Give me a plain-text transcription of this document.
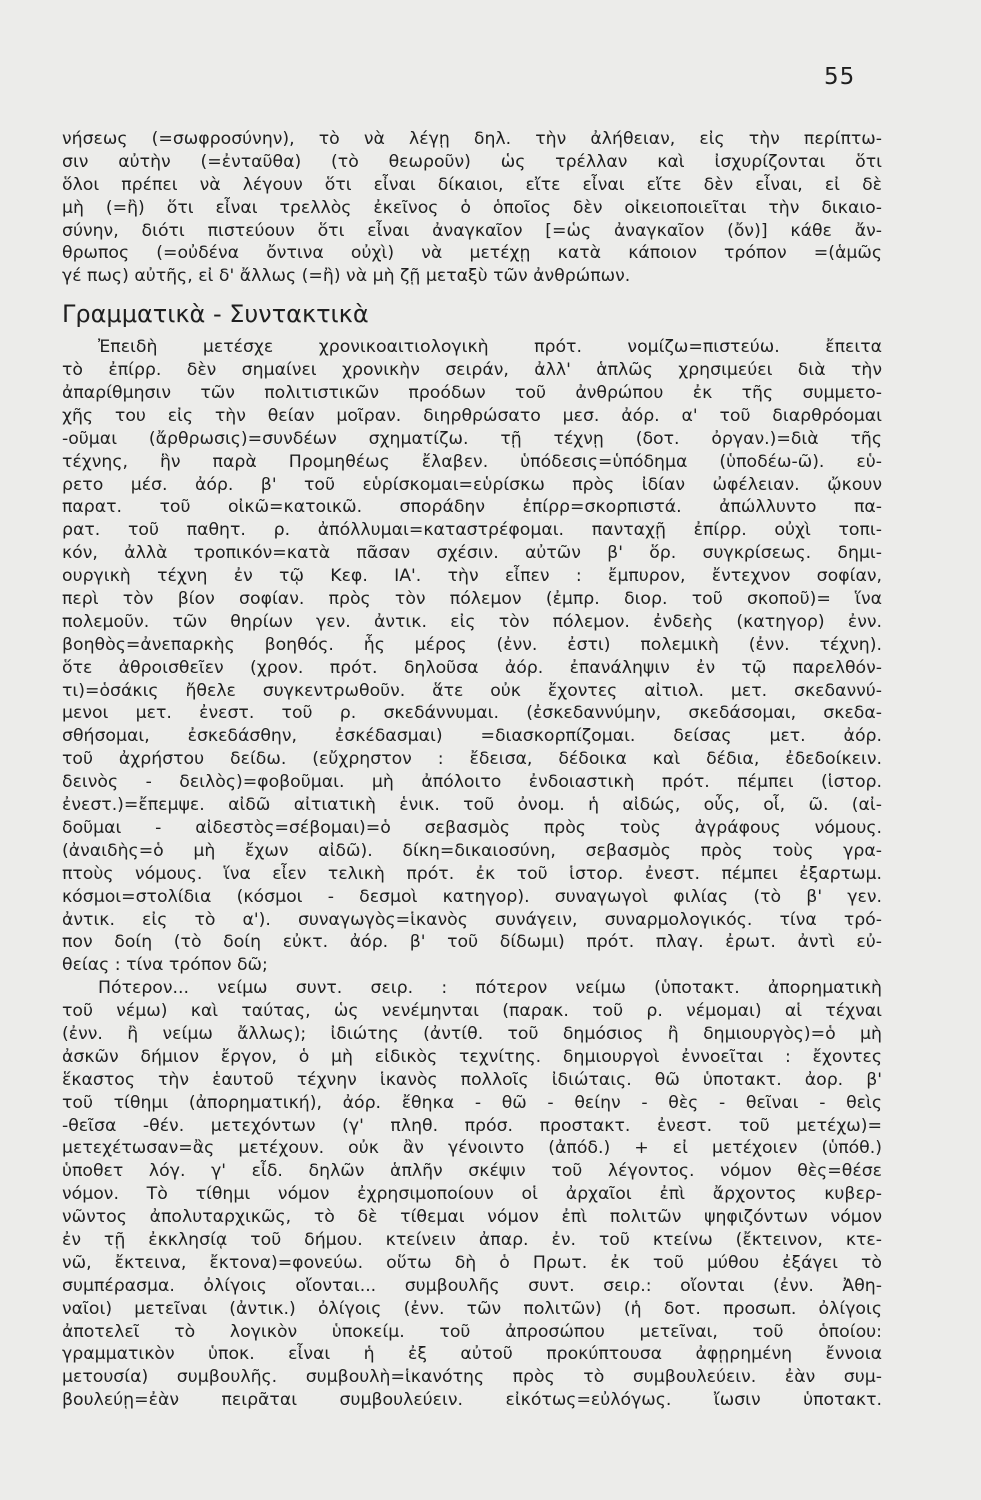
55
νήσεως (=σωφροσύνην), τὸ νὰ λέγῃ δηλ. τὴν ἀλήθειαν, εἰς τὴν περίπτω-
σιν αὐτὴν (=ἐνταῦθα) (τὸ θεωροῦν) ὡς τρέλλαν καὶ ἰσχυρίζονται ὅτι
ὅλοι πρέπει νὰ λέγουν ὅτι εἶναι δίκαιοι, εἴτε εἶναι εἴτε δὲν εἶναι, εἰ δὲ
μὴ (=ἢ) ὅτι εἶναι τρελλὸς ἐκεῖνος ὁ ὁποῖος δὲν οἰκειοποιεῖται τὴν δικαιο-
σύνην, διότι πιστεύουν ὅτι εἶναι ἀναγκαῖον [=ὡς ἀναγκαῖον (ὄν)] κάθε ἄν-
θρωπος (=οὐδένα ὄντινα οὐχὶ) νὰ μετέχῃ κατὰ κάποιον τρόπον =(ἁμῶς
γέ πως) αὐτῆς, εἰ δ' ἄλλως (=ἢ) νὰ μὴ ζῇ μεταξὺ τῶν ἀνθρώπων.
Γραμματικὰ - Συντακτικὰ
Ἐπειδὴ μετέσχε χρονικοαιτιολογικὴ πρότ. νομίζω=πιστεύω. ἔπειτα
τὸ ἐπίρρ. δὲν σημαίνει χρονικὴν σειράν, ἀλλ' ἁπλῶς χρησιμεύει διὰ τὴν
ἀπαρίθμησιν τῶν πολιτιστικῶν προόδων τοῦ ἀνθρώπου ἐκ τῆς συμμετο-
χῆς του εἰς τὴν θείαν μοῖραν. διηρθρώσατο μεσ. ἀόρ. α' τοῦ διαρθρόομαι
-οῦμαι (ἄρθρωσις)=συνδέων σχηματίζω. τῇ τέχνῃ (δοτ. ὀργαν.)=διὰ τῆς
τέχνης, ἣν παρὰ Προμηθέως ἔλαβεν. ὑπόδεσις=ὑπόδημα (ὑποδέω-ῶ). εὑ-
ρετο μέσ. ἀόρ. β' τοῦ εὑρίσκομαι=εὑρίσκω πρὸς ἰδίαν ὠφέλειαν. ᾤκουν
παρατ. τοῦ οἰκῶ=κατοικῶ. σποράδην ἐπίρρ=σκορπιστά. ἀπώλλυντο πα-
ρατ. τοῦ παθητ. ρ. ἀπόλλυμαι=καταστρέφομαι. πανταχῇ ἐπίρρ. οὐχὶ τοπι-
κόν, ἀλλὰ τροπικόν=κατὰ πᾶσαν σχέσιν. αὐτῶν β' ὅρ. συγκρίσεως. δημι-
ουργικὴ τέχνη ἐν τῷ Κεφ. ΙΑ'. τὴν εἶπεν : ἔμπυρον, ἔντεχνον σοφίαν,
περὶ τὸν βίον σοφίαν. πρὸς τὸν πόλεμον (ἐμπρ. διορ. τοῦ σκοποῦ)= ἵνα
πολεμοῦν. τῶν θηρίων γεν. ἀντικ. εἰς τὸν πόλεμον. ἐνδεὴς (κατηγορ) ἐνν.
βοηθὸς=ἀνεπαρκὴς βοηθός. ἧς μέρος (ἐνν. ἐστι) πολεμικὴ (ἐνν. τέχνη).
ὅτε ἀθροισθεῖεν (χρον. πρότ. δηλοῦσα ἀόρ. ἐπανάληψιν ἐν τῷ παρελθόν-
τι)=ὁσάκις ἤθελε συγκεντρωθοῦν. ἅτε οὐκ ἔχοντες αἰτιολ. μετ. σκεδαννύ-
μενοι μετ. ἐνεστ. τοῦ ρ. σκεδάννυμαι. (ἐσκεδαννύμην, σκεδάσομαι, σκεδα-
σθήσομαι, ἐσκεδάσθην, ἐσκέδασμαι) =διασκορπίζομαι. δείσας μετ. ἀόρ.
τοῦ ἀχρήστου δείδω. (εὔχρηστον : ἔδεισα, δέδοικα καὶ δέδια, ἐδεδοίκειν.
δεινὸς - δειλὸς)=φοβοῦμαι. μὴ ἀπόλοιτο ἐνδοιαστικὴ πρότ. πέμπει (ἱστορ.
ἐνεστ.)=ἔπεμψε. αἰδῶ αἰτιατικὴ ἑνικ. τοῦ ὀνομ. ἡ αἰδώς, οὖς, οἷ, ῶ. (αἰ-
δοῦμαι - αἰδεστὸς=σέβομαι)=ὁ σεβασμὸς πρὸς τοὺς ἀγράφους νόμους.
(ἀναιδὴς=ὁ μὴ ἔχων αἰδῶ). δίκη=δικαιοσύνη, σεβασμὸς πρὸς τοὺς γρα-
πτοὺς νόμους. ἵνα εἶεν τελικὴ πρότ. ἐκ τοῦ ἱστορ. ἐνεστ. πέμπει ἐξαρτωμ.
κόσμοι=στολίδια (κόσμοι - δεσμοὶ κατηγορ). συναγωγοὶ φιλίας (τὸ β' γεν.
ἀντικ. εἰς τὸ α'). συναγωγὸς=ἱκανὸς συνάγειν, συναρμολογικός. τίνα τρό-
πον δοίη (τὸ δοίη εὐκτ. ἀόρ. β' τοῦ δίδωμι) πρότ. πλαγ. ἐρωτ. ἀντὶ εὐ-
θείας : τίνα τρόπον δῶ;
Πότερον... νείμω συντ. σειρ. : πότερον νείμω (ὑποτακτ. ἀπορηματικὴ
τοῦ νέμω) καὶ ταύτας, ὡς νενέμηνται (παρακ. τοῦ ρ. νέμομαι) αἱ τέχναι
(ἐνν. ἢ νείμω ἄλλως); ἰδιώτης (ἀντίθ. τοῦ δημόσιος ἢ δημιουργὸς)=ὁ μὴ
ἀσκῶν δήμιον ἔργον, ὁ μὴ εἰδικὸς τεχνίτης. δημιουργοὶ ἐννοεῖται : ἔχοντες
ἕκαστος τὴν ἑαυτοῦ τέχνην ἱκανὸς πολλοῖς ἰδιώταις. θῶ ὑποτακτ. ἀορ. β'
τοῦ τίθημι (ἀπορηματική), ἀόρ. ἔθηκα - θῶ - θείην - θὲς - θεῖναι - θεὶς
-θεῖσα -θέν. μετεχόντων (γ' πληθ. πρόσ. προστακτ. ἐνεστ. τοῦ μετέχω)=
μετεχέτωσαν=ἂς μετέχουν. οὐκ ἂν γένοιντο (ἀπόδ.) + εἰ μετέχοιεν (ὑπόθ.)
ὑποθετ λόγ. γ' εἶδ. δηλῶν ἁπλῆν σκέψιν τοῦ λέγοντος. νόμον θὲς=θέσε
νόμον. Τὸ τίθημι νόμον ἐχρησιμοποίουν οἱ ἀρχαῖοι ἐπὶ ἄρχοντος κυβερ-
νῶντος ἀπολυταρχικῶς, τὸ δὲ τίθεμαι νόμον ἐπὶ πολιτῶν ψηφιζόντων νόμον
ἐν τῇ ἐκκλησίᾳ τοῦ δήμου. κτείνειν ἀπαρ. ἐν. τοῦ κτείνω (ἔκτεινον, κτε-
νῶ, ἔκτεινα, ἔκτονα)=φονεύω. οὕτω δὴ ὁ Πρωτ. ἐκ τοῦ μύθου ἐξάγει τὸ
συμπέρασμα. ὀλίγοις οἴονται... συμβουλῆς συντ. σειρ.: οἴονται (ἐνν. Ἀθη-
ναῖοι) μετεῖναι (ἀντικ.) ὀλίγοις (ἐνν. τῶν πολιτῶν) (ἡ δοτ. προσωπ. ὀλίγοις
ἀποτελεῖ τὸ λογικὸν ὑποκείμ. τοῦ ἀπροσώπου μετεῖναι, τοῦ ὁποίου:
γραμματικὸν ὑποκ. εἶναι ἡ ἐξ αὐτοῦ προκύπτουσα ἀφῃρημένη ἔννοια
μετουσία) συμβουλῆς. συμβουλὴ=ἱκανότης πρὸς τὸ συμβουλεύειν. ἐὰν συμ-
βουλεύῃ=ἐὰν πειρᾶται συμβουλεύειν. εἰκότως=εὐλόγως. ἴωσιν ὑποτακτ.
